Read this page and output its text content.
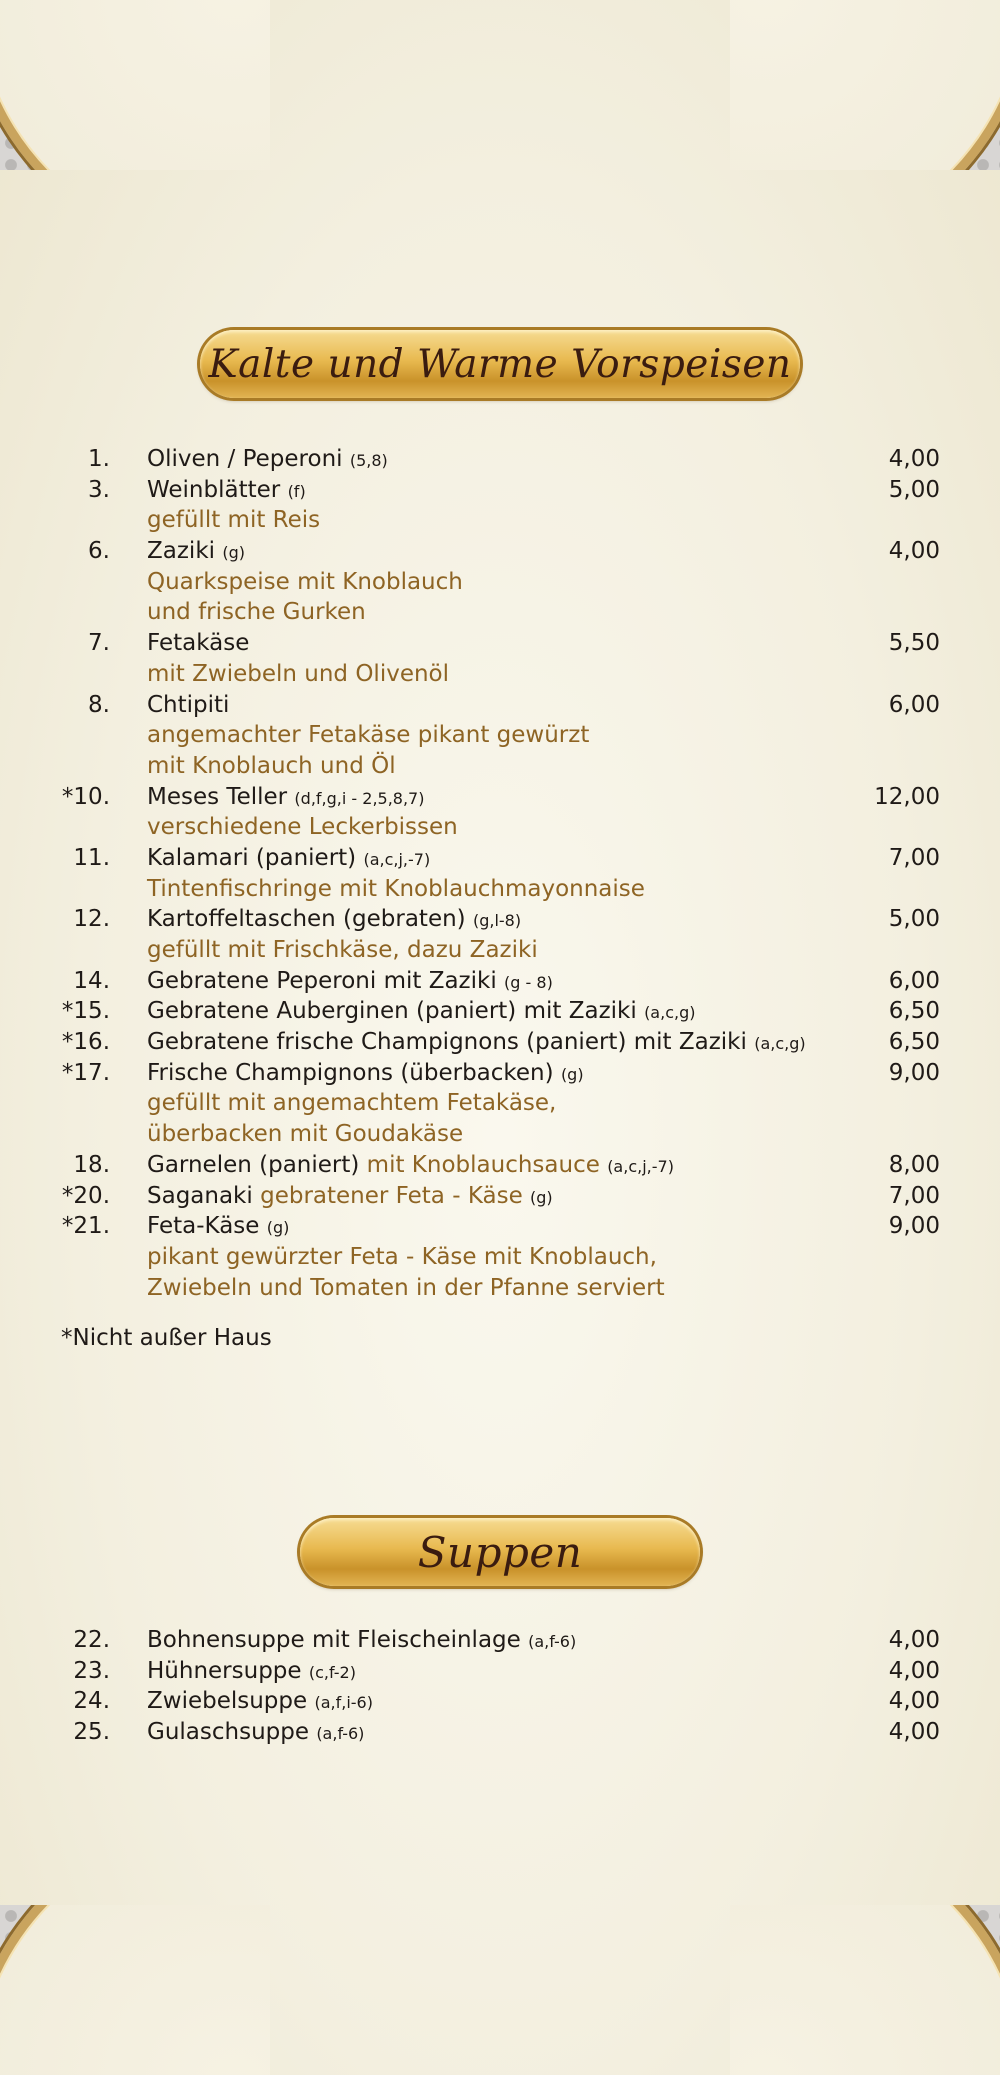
Kalte und Warme Vorspeisen
1. Oliven / Peperoni (5,8)	4,00
3. Weinblätter (f)	5,00
gefüllt mit Reis
6. Zaziki (g)	4,00
Quarkspeise mit Knoblauch
und frische Gurken
7. Fetakäse	5,50
mit Zwiebeln und Olivenöl
8. Chtipiti	6,00
angemachter Fetakäse pikant gewürzt
mit Knoblauch und Öl
*10. Meses Teller (d,f,g,i - 2,5,8,7)	12,00
verschiedene Leckerbissen
11. Kalamari (paniert) (a,c,j,-7)	7,00
Tintenfischringe mit Knoblauchmayonnaise
12. Kartoffeltaschen (gebraten) (g,l-8)	5,00
gefüllt mit Frischkäse, dazu Zaziki
14. Gebratene Peperoni mit Zaziki (g - 8)	6,00
*15. Gebratene Auberginen (paniert) mit Zaziki (a,c,g)	6,50
*16. Gebratene frische Champignons (paniert) mit Zaziki (a,c,g)	6,50
*17. Frische Champignons (überbacken) (g)	9,00
gefüllt mit angemachtem Fetakäse,
überbacken mit Goudakäse
18. Garnelen (paniert) mit Knoblauchsauce (a,c,j,-7)	8,00
*20. Saganaki gebratener Feta - Käse (g)	7,00
*21. Feta-Käse (g)	9,00
pikant gewürzter Feta - Käse mit Knoblauch,
Zwiebeln und Tomaten in der Pfanne serviert
*Nicht außer Haus
Suppen
22. Bohnensuppe mit Fleischeinlage (a,f-6)	4,00
23. Hühnersuppe (c,f-2)	4,00
24. Zwiebelsuppe (a,f,i-6)	4,00
25. Gulaschsuppe (a,f-6)	4,00
